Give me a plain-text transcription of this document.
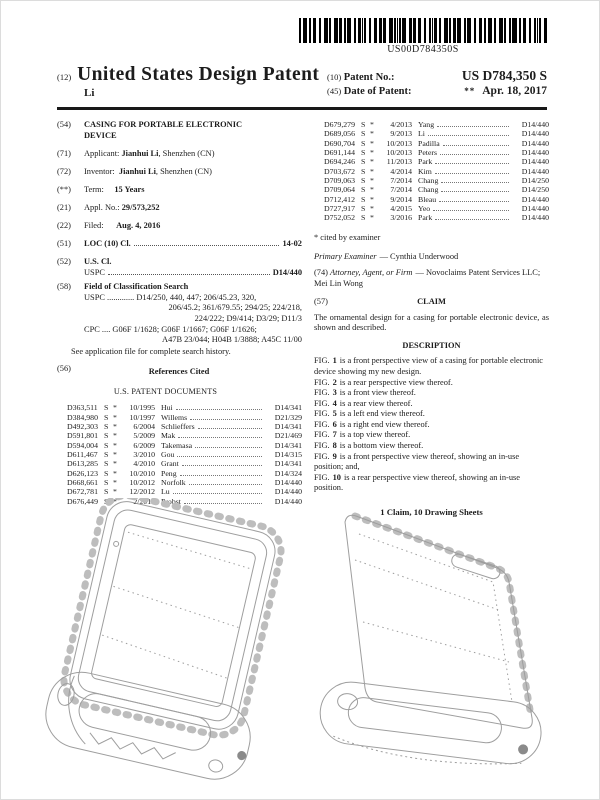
US00D784350S
(12) United States Design Patent
Li
(10) Patent No.:	US D784,350 S
(45) Date of Patent:	** Apr. 18, 2017
(54)	CASING FOR PORTABLE ELECTRONIC
DEVICE
(71)	Applicant: Jianhui Li, Shenzhen (CN)
(72)	Inventor: Jianhui Li, Shenzhen (CN)
(**)	Term: 15 Years
(21)	Appl. No.: 29/573,252
(22)	Filed: Aug. 4, 2016
(51)	LOC (10) Cl.	14-02
(52)	U.S. Cl.
USPC	D14/440
(58)	Field of Classification Search
USPC ............. D14/250, 440, 447; 206/45.23, 320,
206/45.2; 361/679.55; 294/25; 224/218,
224/222; D9/414; D3/29; D11/3
CPC .... G06F 1/1628; G06F 1/1667; G06F 1/1626;
A47B 23/044; H04B 1/3888; A45C 11/00
See application file for complete search history.
(56)	References Cited
U.S. PATENT DOCUMENTS
D363,511 S *	10/1995 Hui	D14/341
D384,980 S *	10/1997 Willems	D21/329
D492,303 S *	6/2004 Schlieffers	D14/341
D591,801 S *	5/2009 Mak	D21/469
D594,004 S *	6/2009 Takemasa	D14/341
D611,467 S *	3/2010 Gou	D14/315
D613,285 S *	4/2010 Grant	D14/341
D626,123 S *	10/2010 Peng	D14/324
D668,661 S *	10/2012 Norfolk	D14/440
D672,781 S *	12/2012 Lu	D14/440
D676,449 S *	2/2013 Probst	D14/440
D679,279 S *	4/2013 Yang	D14/440
D689,056 S *	9/2013 Li	D14/440
D690,704 S *	10/2013 Padilla	D14/440
D691,144 S *	10/2013 Peters	D14/440
D694,246 S *	11/2013 Park	D14/440
D703,672 S *	4/2014 Kim	D14/440
D709,063 S *	7/2014 Chang	D14/250
D709,064 S *	7/2014 Chang	D14/250
D712,412 S *	9/2014 Bleau	D14/440
D727,917 S *	4/2015 Yeo	D14/440
D752,052 S *	3/2016 Park	D14/440
* cited by examiner
Primary Examiner — Cynthia Underwood
(74) Attorney, Agent, or Firm — Novoclaims Patent Services LLC; Mei Lin Wong
(57)	CLAIM
The ornamental design for a casing for portable electronic device, as shown and described.
DESCRIPTION
FIG. 1 is a front perspective view of a casing for portable electronic device showing my new design.
FIG. 2 is a rear perspective view thereof.
FIG. 3 is a front view thereof.
FIG. 4 is a rear view thereof.
FIG. 5 is a left end view thereof.
FIG. 6 is a right end view thereof.
FIG. 7 is a top view thereof.
FIG. 8 is a bottom view thereof.
FIG. 9 is a front perspective view thereof, showing an in-use position; and,
FIG. 10 is a rear perspective view thereof, showing an in-use position.
1 Claim, 10 Drawing Sheets
